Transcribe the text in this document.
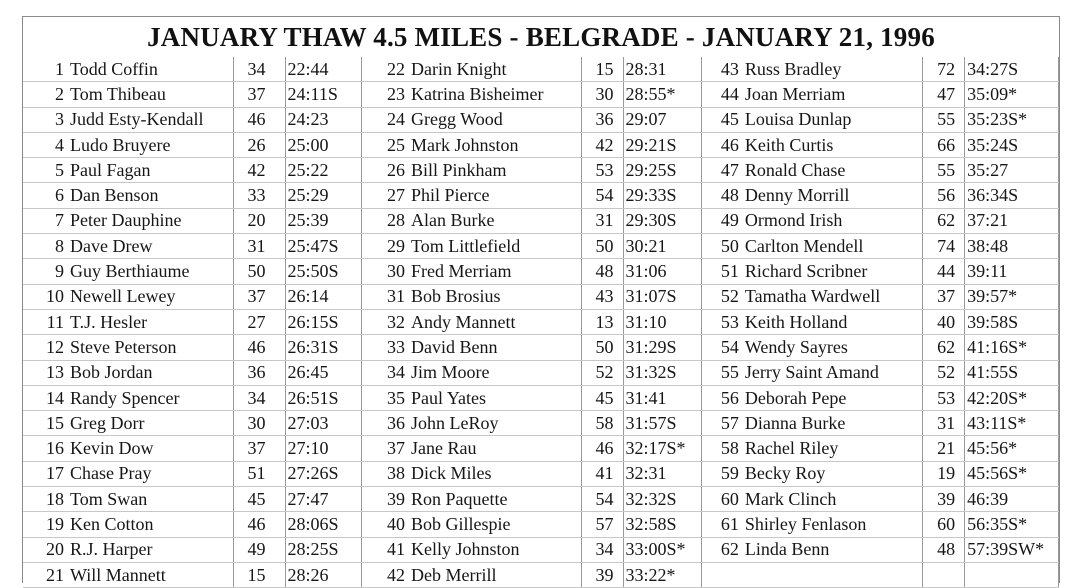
JANUARY THAW 4.5 MILES - BELGRADE - JANUARY 21, 1996
1	Todd Coffin	34	22:44
2	Tom Thibeau	37	24:11S
3	Judd Esty-Kendall	46	24:23
4	Ludo Bruyere	26	25:00
5	Paul Fagan	42	25:22
6	Dan Benson	33	25:29
7	Peter Dauphine	20	25:39
8	Dave Drew	31	25:47S
9	Guy Berthiaume	50	25:50S
10	Newell Lewey	37	26:14
11	T.J. Hesler	27	26:15S
12	Steve Peterson	46	26:31S
13	Bob Jordan	36	26:45
14	Randy Spencer	34	26:51S
15	Greg Dorr	30	27:03
16	Kevin Dow	37	27:10
17	Chase Pray	51	27:26S
18	Tom Swan	45	27:47
19	Ken Cotton	46	28:06S
20	R.J. Harper	49	28:25S
21	Will Mannett	15	28:26
22	Darin Knight	15	28:31
23	Katrina Bisheimer	30	28:55*
24	Gregg Wood	36	29:07
25	Mark Johnston	42	29:21S
26	Bill Pinkham	53	29:25S
27	Phil Pierce	54	29:33S
28	Alan Burke	31	29:30S
29	Tom Littlefield	50	30:21
30	Fred Merriam	48	31:06
31	Bob Brosius	43	31:07S
32	Andy Mannett	13	31:10
33	David Benn	50	31:29S
34	Jim Moore	52	31:32S
35	Paul Yates	45	31:41
36	John LeRoy	58	31:57S
37	Jane Rau	46	32:17S*
38	Dick Miles	41	32:31
39	Ron Paquette	54	32:32S
40	Bob Gillespie	57	32:58S
41	Kelly Johnston	34	33:00S*
42	Deb Merrill	39	33:22*
43	Russ Bradley	72	34:27S
44	Joan Merriam	47	35:09*
45	Louisa Dunlap	55	35:23S*
46	Keith Curtis	66	35:24S
47	Ronald Chase	55	35:27
48	Denny Morrill	56	36:34S
49	Ormond Irish	62	37:21
50	Carlton Mendell	74	38:48
51	Richard Scribner	44	39:11
52	Tamatha Wardwell	37	39:57*
53	Keith Holland	40	39:58S
54	Wendy Sayres	62	41:16S*
55	Jerry Saint Amand	52	41:55S
56	Deborah Pepe	53	42:20S*
57	Dianna Burke	31	43:11S*
58	Rachel Riley	21	45:56*
59	Becky Roy	19	45:56S*
60	Mark Clinch	39	46:39
61	Shirley Fenlason	60	56:35S*
62	Linda Benn	48	57:39SW*
